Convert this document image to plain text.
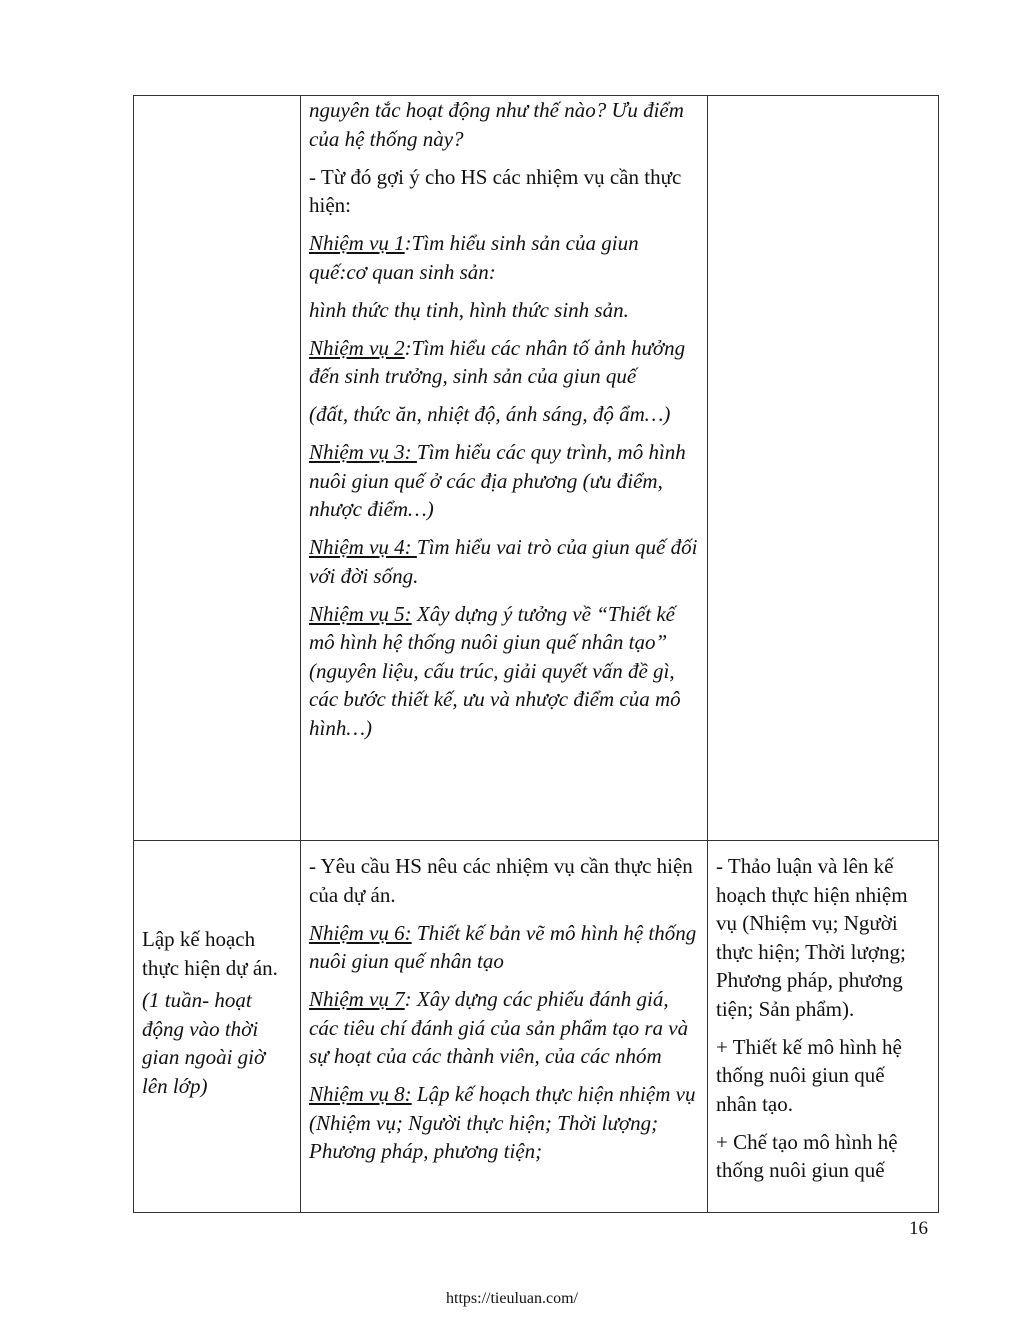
nguyên tắc hoạt động như thế nào? Ưu điểm của hệ thống này?

- Từ đó gợi ý cho HS các nhiệm vụ cần thực hiện:

Nhiệm vụ 1:Tìm hiểu sinh sản của giun quế:cơ quan sinh sản:

hình thức thụ tinh, hình thức sinh sản.

Nhiệm vụ 2:Tìm hiểu các nhân tố ảnh hưởng đến sinh trưởng, sinh sản của giun quế

(đất, thức ăn, nhiệt độ, ánh sáng, độ ẩm…)

Nhiệm vụ 3: Tìm hiểu các quy trình, mô hình nuôi giun quế ở các địa phương (ưu điểm, nhược điểm…)

Nhiệm vụ 4: Tìm hiểu vai trò của giun quế đối với đời sống.

Nhiệm vụ 5: Xây dựng ý tưởng về “Thiết kế mô hình hệ thống nuôi giun quế nhân tạo” (nguyên liệu, cấu trúc, giải quyết vấn đề gì, các bước thiết kế, ưu và nhược điểm của mô hình…)

Lập kế hoạch thực hiện dự án.

(1 tuần- hoạt động vào thời gian ngoài giờ lên lớp)

- Yêu cầu HS nêu các nhiệm vụ cần thực hiện của dự án.

Nhiệm vụ 6: Thiết kế bản vẽ mô hình hệ thống nuôi giun quế nhân tạo

Nhiệm vụ 7: Xây dựng các phiếu đánh giá, các tiêu chí đánh giá của sản phẩm tạo ra và sự hoạt của các thành viên, của các nhóm

Nhiệm vụ 8: Lập kế hoạch thực hiện nhiệm vụ (Nhiệm vụ; Người thực hiện; Thời lượng; Phương pháp, phương tiện;

- Thảo luận và lên kế hoạch thực hiện nhiệm vụ (Nhiệm vụ; Người thực hiện; Thời lượng; Phương pháp, phương tiện; Sản phẩm).

+ Thiết kế mô hình hệ thống nuôi giun quế nhân tạo.

+ Chế tạo mô hình hệ thống nuôi giun quế

16
https://tieuluan.com/
